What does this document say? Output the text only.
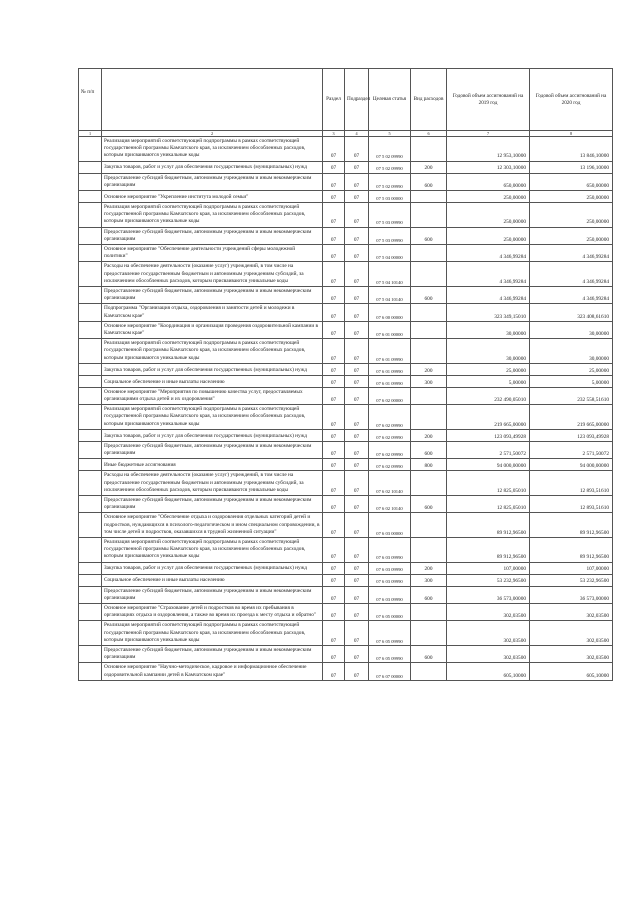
№ п/п		Раздел	Подраздел	Целевая статья	Вид расходов	Годовой объем ассигнований на 2019 год	Годовой объем ассигнований на 2020 год
1	2	3	4	5	6	7	8
	Реализация мероприятий соответствующей подпрограммы в рамках соответствующей государственной программы Камчатского края, за исключением обособленных расходов, которым присваиваются уникальные коды	07	07	07 5 02 09990		12 953,10000	13 846,10000
	Закупка товаров, работ и услуг для обеспечения государственных (муниципальных) нужд	07	07	07 5 02 09990	200	12 303,10000	13 196,10000
	Предоставление субсидий бюджетным, автономным учреждениям и иным некоммерческим организациям	07	07	07 5 02 09990	600	650,00000	650,00000
	Основное мероприятие "Укрепление института молодой семьи"	07	07	07 5 03 00000		250,00000	250,00000
	Реализация мероприятий соответствующей подпрограммы в рамках соответствующей государственной программы Камчатского края, за исключением обособленных расходов, которым присваиваются уникальные коды	07	07	07 5 03 09990		250,00000	250,00000
	Предоставление субсидий бюджетным, автономным учреждениям и иным некоммерческим организациям	07	07	07 5 03 09990	600	250,00000	250,00000
	Основное мероприятие "Обеспечение деятельности учреждений сферы молодежной политики"	07	07	07 5 04 00000		4 346,99284	4 346,99284
	Расходы на обеспечение деятельности (оказание услуг) учреждений, в том числе на предоставление государственным бюджетным и автономным учреждениям субсидий, за исключением обособленных расходов, которым присваиваются уникальные коды	07	07	07 5 04 10140		4 346,99284	4 346,99284
	Предоставление субсидий бюджетным, автономным учреждениям и иным некоммерческим организациям	07	07	07 5 04 10140	600	4 346,99284	4 346,99284
	Подпрограмма "Организация отдыха, оздоровления и занятости детей и молодежи в Камчатском крае"	07	07	07 6 00 00000		323 349,15010	323 408,61610
	Основное мероприятие "Координация и организация проведения оздоровительной кампании в Камчатском крае"	07	07	07 6 01 00000		30,00000	30,00000
	Реализация мероприятий соответствующей подпрограммы в рамках соответствующей государственной программы Камчатского края, за исключением обособленных расходов, которым присваиваются уникальные коды	07	07	07 6 01 09990		30,00000	30,00000
	Закупка товаров, работ и услуг для обеспечения государственных (муниципальных) нужд	07	07	07 6 01 09990	200	25,00000	25,00000
	Социальное обеспечение и иные выплаты населению	07	07	07 6 01 09990	300	5,00000	5,00000
	Основное мероприятие "Мероприятия по повышению качества услуг, предоставляемых организациями отдыха детей и их оздоровления"	07	07	07 6 02 00000		232 490,05010	232 558,51610
	Реализация мероприятий соответствующей подпрограммы в рамках соответствующей государственной программы Камчатского края, за исключением обособленных расходов, которым присваиваются уникальные коды	07	07	07 6 02 09990		219 665,00000	219 665,00000
	Закупка товаров, работ и услуг для обеспечения государственных (муниципальных) нужд	07	07	07 6 02 09990	200	123 093,49928	123 093,49928
	Предоставление субсидий бюджетным, автономным учреждениям и иным некоммерческим организациям	07	07	07 6 02 09990	600	2 571,50072	2 571,50072
	Иные бюджетные ассигнования	07	07	07 6 02 09990	800	94 000,00000	94 000,00000
	Расходы на обеспечение деятельности (оказание услуг) учреждений, в том числе на предоставление государственным бюджетным и автономным учреждениям субсидий, за исключением обособленных расходов, которым присваиваются уникальные коды	07	07	07 6 02 10140		12 825,05010	12 893,51610
	Предоставление субсидий бюджетным, автономным учреждениям и иным некоммерческим организациям	07	07	07 6 02 10140	600	12 825,05010	12 893,51610
	Основное мероприятие "Обеспечение отдыха и оздоровления отдельных категорий детей и подростков, нуждающихся в психолого-педагогическом и ином специальном сопровождении, в том числе детей и подростков, оказавшихся в трудной жизненной ситуации"	07	07	07 6 03 00000		89 912,96500	89 912,96500
	Реализация мероприятий соответствующей подпрограммы в рамках соответствующей государственной программы Камчатского края, за исключением обособленных расходов, которым присваиваются уникальные коды	07	07	07 6 03 09990		89 912,96500	89 912,96500
	Закупка товаров, работ и услуг для обеспечения государственных (муниципальных) нужд	07	07	07 6 03 09990	200	107,00000	107,00000
	Социальное обеспечение и иные выплаты населению	07	07	07 6 03 09990	300	53 232,96500	53 232,96500
	Предоставление субсидий бюджетным, автономным учреждениям и иным некоммерческим организациям	07	07	07 6 03 09990	600	36 573,00000	36 573,00000
	Основное мероприятие "Страхование детей и подростков во время их пребывания в организациях отдыха и оздоровления, а также во время их проезда к месту отдыха и обратно"	07	07	07 6 05 00000		302,03500	302,03500
	Реализация мероприятий соответствующей подпрограммы в рамках соответствующей государственной программы Камчатского края, за исключением обособленных расходов, которым присваиваются уникальные коды	07	07	07 6 05 09990		302,03500	302,03500
	Предоставление субсидий бюджетным, автономным учреждениям и иным некоммерческим организациям	07	07	07 6 05 09990	600	302,03500	302,03500
	Основное мероприятие "Научно-методическое, кадровое и информационное обеспечение оздоровительной кампании детей в Камчатском крае"	07	07	07 6 07 00000		605,10000	605,10000
